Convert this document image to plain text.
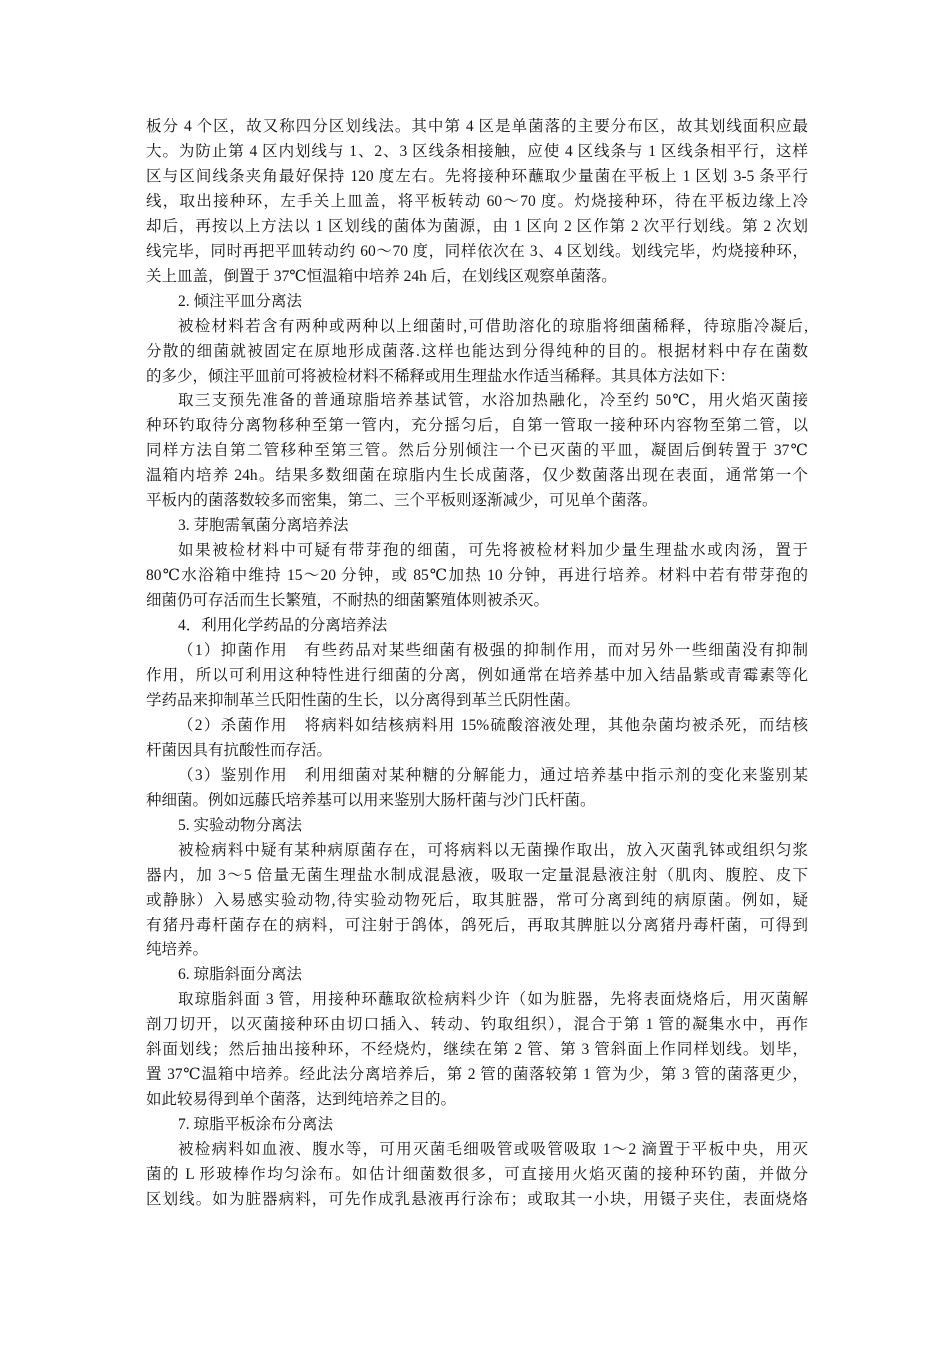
板分 4 个区，故又称四分区划线法。其中第 4 区是单菌落的主要分布区，故其划线面积应最
大。为防止第 4 区内划线与 1、2、3 区线条相接触，应使 4 区线条与 1 区线条相平行，这样
区与区间线条夹角最好保持 120 度左右。先将接种环蘸取少量菌在平板上 1 区划 3-5 条平行
线，取出接种环，左手关上皿盖，将平板转动 60～70 度。灼烧接种环，待在平板边缘上冷
却后，再按以上方法以 1 区划线的菌体为菌源，由 1 区向 2 区作第 2 次平行划线。第 2 次划
线完毕，同时再把平皿转动约 60～70 度，同样依次在 3、4 区划线。划线完毕，灼烧接种环，
关上皿盖，倒置于 37℃恒温箱中培养 24h 后，在划线区观察单菌落。
2. 倾注平皿分离法
被检材料若含有两种或两种以上细菌时,可借助溶化的琼脂将细菌稀释，待琼脂冷凝后,
分散的细菌就被固定在原地形成菌落.这样也能达到分得纯种的目的。根据材料中存在菌数
的多少，倾注平皿前可将被检材料不稀释或用生理盐水作适当稀释。其具体方法如下：
取三支预先准备的普通琼脂培养基试管，水浴加热融化，冷至约 50℃，用火焰灭菌接
种环钓取待分离物移种至第一管内，充分摇匀后，自第一管取一接种环内容物至第二管，以
同样方法自第二管移种至第三管。然后分别倾注一个已灭菌的平皿，凝固后倒转置于 37℃
温箱内培养 24h。结果多数细菌在琼脂内生长成菌落，仅少数菌落出现在表面，通常第一个
平板内的菌落数较多而密集，第二、三个平板则逐渐减少，可见单个菌落。
3. 芽胞需氧菌分离培养法
如果被检材料中可疑有带芽孢的细菌，可先将被检材料加少量生理盐水或肉汤，置于
80℃水浴箱中维持 15～20 分钟，或 85℃加热 10 分钟，再进行培养。材料中若有带芽孢的
细菌仍可存活而生长繁殖，不耐热的细菌繁殖体则被杀灭。
4．利用化学药品的分离培养法
（1）抑菌作用　有些药品对某些细菌有极强的抑制作用，而对另外一些细菌没有抑制
作用，所以可利用这种特性进行细菌的分离，例如通常在培养基中加入结晶紫或青霉素等化
学药品来抑制革兰氏阳性菌的生长，以分离得到革兰氏阴性菌。
（2）杀菌作用　将病料如结核病料用 15%硫酸溶液处理，其他杂菌均被杀死，而结核
杆菌因具有抗酸性而存活。
（3）鉴别作用　利用细菌对某种糖的分解能力，通过培养基中指示剂的变化来鉴别某
种细菌。例如远藤氏培养基可以用来鉴别大肠杆菌与沙门氏杆菌。
5. 实验动物分离法
被检病料中疑有某种病原菌存在，可将病料以无菌操作取出，放入灭菌乳钵或组织匀浆
器内，加 3～5 倍量无菌生理盐水制成混悬液，吸取一定量混悬液注射（肌肉、腹腔、皮下
或静脉）入易感实验动物,待实验动物死后，取其脏器，常可分离到纯的病原菌。例如，疑
有猪丹毒杆菌存在的病料，可注射于鸽体，鸽死后，再取其脾脏以分离猪丹毒杆菌，可得到
纯培养。
6. 琼脂斜面分离法
取琼脂斜面 3 管，用接种环蘸取欲检病料少许（如为脏器，先将表面烧烙后，用灭菌解
剖刀切开，以灭菌接种环由切口插入、转动、钓取组织），混合于第 1 管的凝集水中，再作
斜面划线；然后抽出接种环，不经烧灼，继续在第 2 管、第 3 管斜面上作同样划线。划毕，
置 37℃温箱中培养。经此法分离培养后，第 2 管的菌落较第 1 管为少，第 3 管的菌落更少，
如此较易得到单个菌落，达到纯培养之目的。
7. 琼脂平板涂布分离法
被检病料如血液、腹水等，可用灭菌毛细吸管或吸管吸取 1～2 滴置于平板中央，用灭
菌的 L 形玻棒作均匀涂布。如估计细菌数很多，可直接用火焰灭菌的接种环钓菌，并做分
区划线。如为脏器病料，可先作成乳悬液再行涂布；或取其一小块，用镊子夹住，表面烧烙
